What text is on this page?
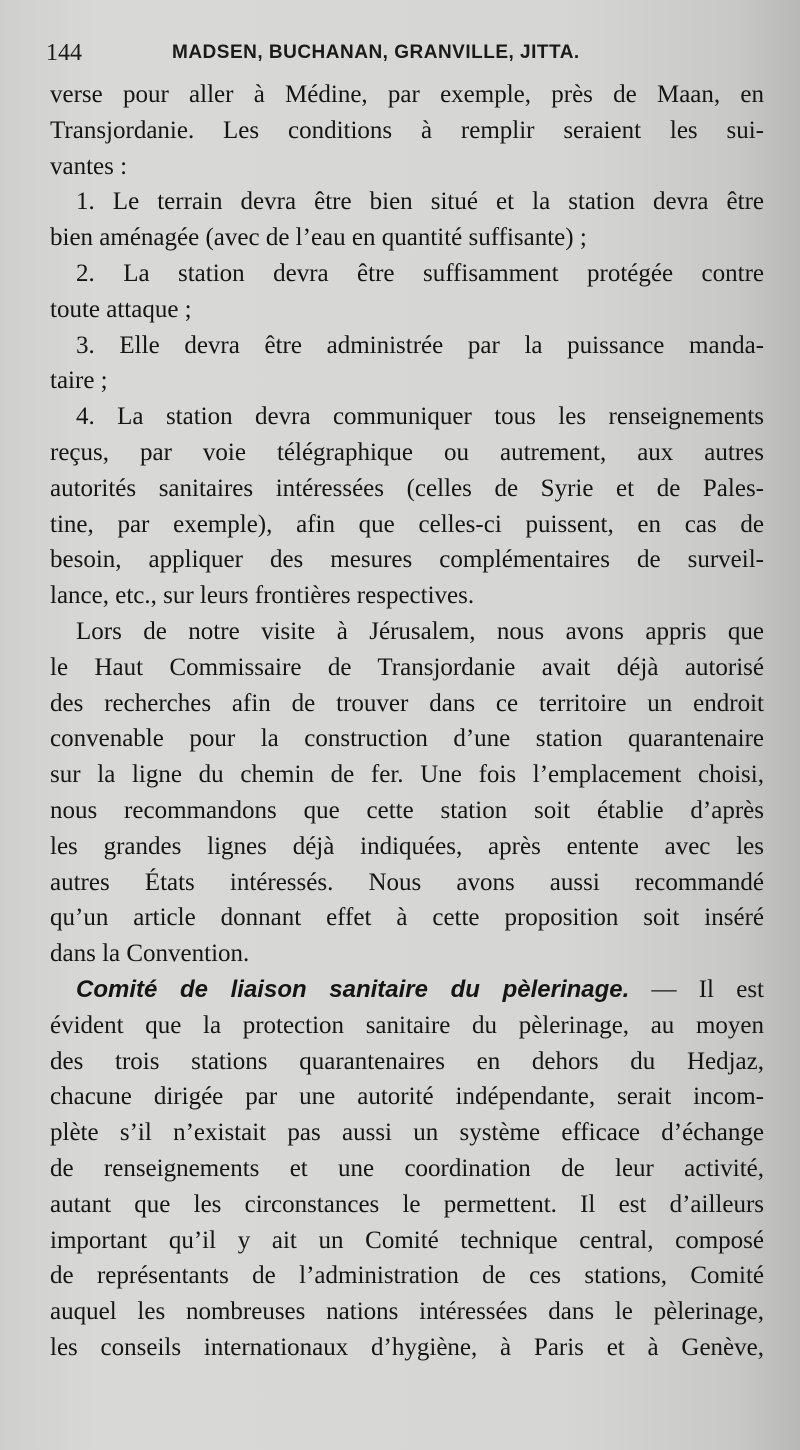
144	MADSEN, BUCHANAN, GRANVILLE, JITTA.
verse pour aller à Médine, par exemple, près de Maan, en
Transjordanie. Les conditions à remplir seraient les sui-
vantes :
1. Le terrain devra être bien situé et la station devra être
bien aménagée (avec de l’eau en quantité suffisante) ;
2. La station devra être suffisamment protégée contre
toute attaque ;
3. Elle devra être administrée par la puissance manda-
taire ;
4. La station devra communiquer tous les renseignements
reçus, par voie télégraphique ou autrement, aux autres
autorités sanitaires intéressées (celles de Syrie et de Pales-
tine, par exemple), afin que celles-ci puissent, en cas de
besoin, appliquer des mesures complémentaires de surveil-
lance, etc., sur leurs frontières respectives.
Lors de notre visite à Jérusalem, nous avons appris que
le Haut Commissaire de Transjordanie avait déjà autorisé
des recherches afin de trouver dans ce territoire un endroit
convenable pour la construction d’une station quarantenaire
sur la ligne du chemin de fer. Une fois l’emplacement choisi,
nous recommandons que cette station soit établie d’après
les grandes lignes déjà indiquées, après entente avec les
autres États intéressés. Nous avons aussi recommandé
qu’un article donnant effet à cette proposition soit inséré
dans la Convention.
Comité de liaison sanitaire du pèlerinage. — Il est
évident que la protection sanitaire du pèlerinage, au moyen
des trois stations quarantenaires en dehors du Hedjaz,
chacune dirigée par une autorité indépendante, serait incom-
plète s’il n’existait pas aussi un système efficace d’échange
de renseignements et une coordination de leur activité,
autant que les circonstances le permettent. Il est d’ailleurs
important qu’il y ait un Comité technique central, composé
de représentants de l’administration de ces stations, Comité
auquel les nombreuses nations intéressées dans le pèlerinage,
les conseils internationaux d’hygiène, à Paris et à Genève,
